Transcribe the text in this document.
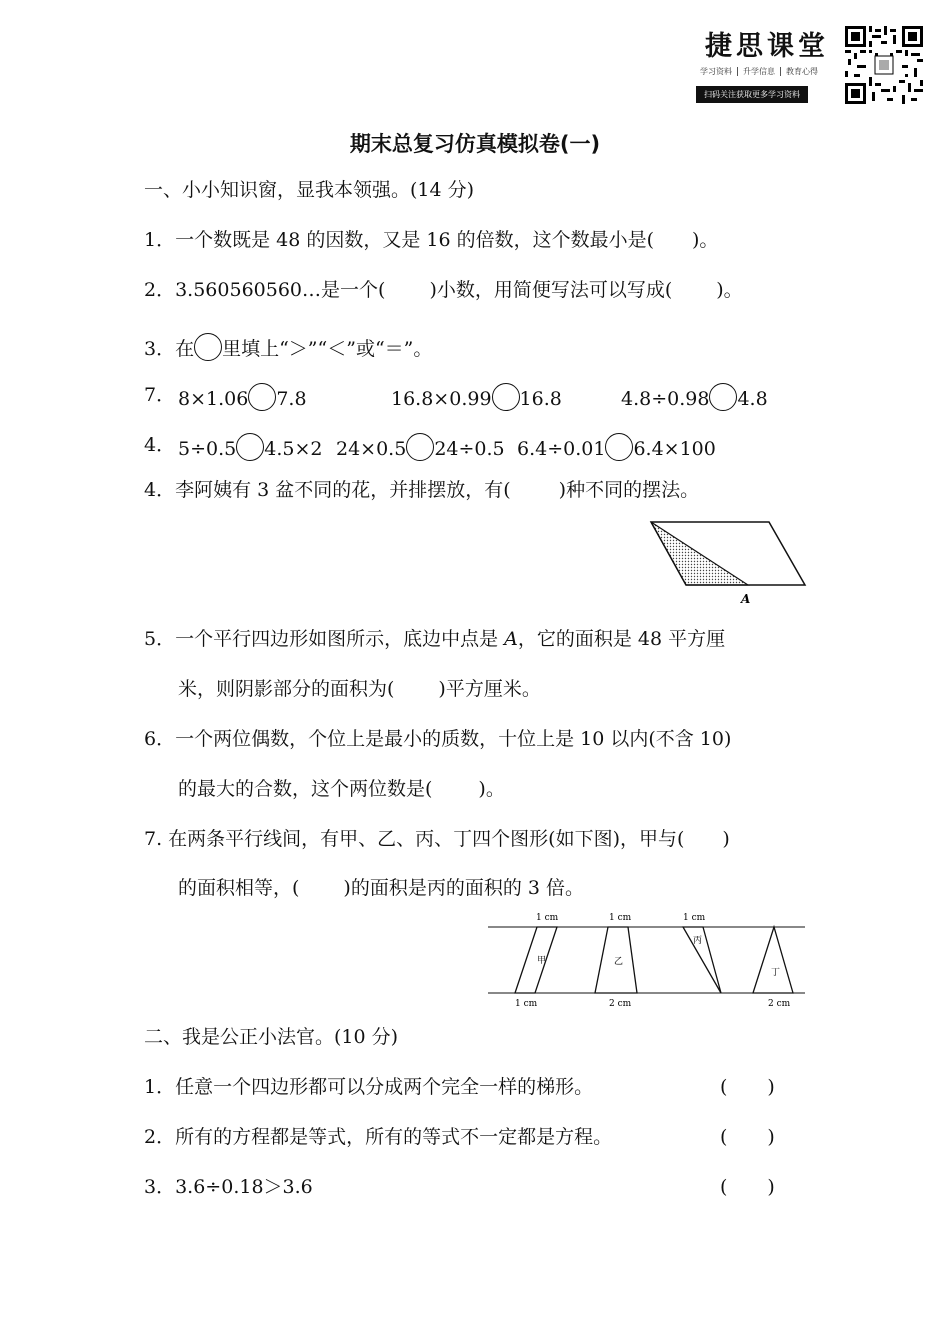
捷思课堂
学习资料 升学信息 教育心得
扫码关注获取更多学习资料
期末总复习仿真模拟卷(一)
一、小小知识窗，显我本领强。(14 分)
1．一个数既是 48 的因数，又是 16 的倍数，这个数最小是( )。
2．3.560560560…是一个( )小数，用简便写法可以写成( )。
3．在 里填上“＞”“＜”或“＝”。
7． 8×1.06 7.8	16.8×0.99 16.8	4.8÷0.98 4.8
4． 5÷0.5 4.5×2 24×0.5 24÷0.5 6.4÷0.01 6.4×100
4．李阿姨有 3 盆不同的花，并排摆放，有(	)种不同的摆法。
A
5．一个平行四边形如图所示，底边中点是 A，它的面积是 48 平方厘
米，则阴影部分的面积为( )平方厘米。
6．一个两位偶数，个位上是最小的质数，十位上是 10 以内(不含 10)
的最大的合数，这个两位数是( )。
7. 在两条平行线间，有甲、乙、丙、丁四个图形(如下图)，甲与( )
的面积相等，( )的面积是丙的面积的 3 倍。
1 cm	1 cm	1 cm
1 cm	2 cm	2 cm
甲	乙
丙
丁
二、我是公正小法官。(10 分)
1．任意一个四边形都可以分成两个完全一样的梯形。	( )
2．所有的方程都是等式，所有的等式不一定都是方程。	( )
3．3.6÷0.18＞3.6	( )
